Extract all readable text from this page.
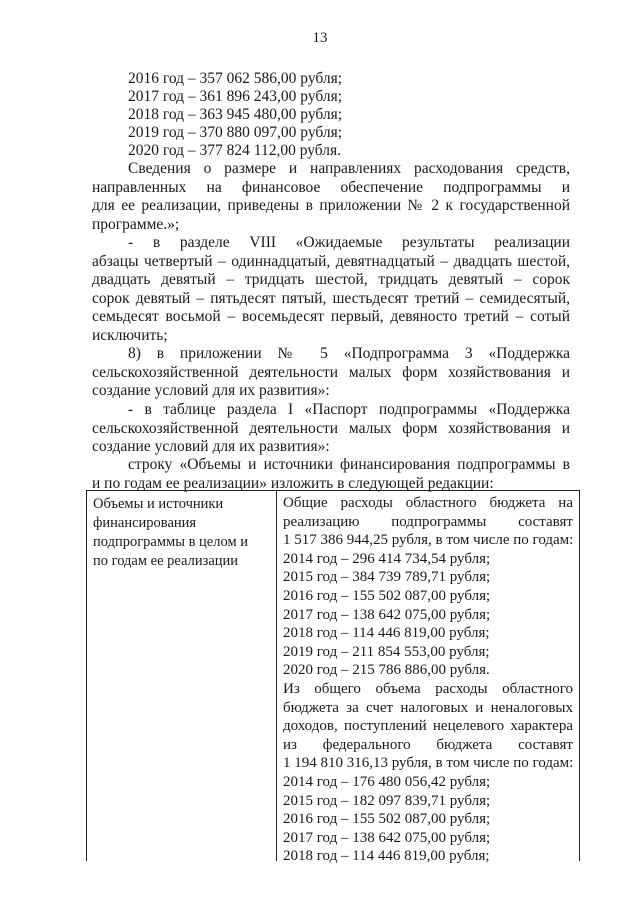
13
2016 год – 357 062 586,00 рубля;
2017 год – 361 896 243,00 рубля;
2018 год – 363 945 480,00 рубля;
2019 год – 370 880 097,00 рубля;
2020 год – 377 824 112,00 рубля.
Сведения о размере и направлениях расходования средств,
направленных на финансовое обеспечение подпрограммы и
для ее реализации, приведены в приложении № 2 к государственной
программе.»;
- в разделе VIII «Ожидаемые результаты реализации
абзацы четвертый – одиннадцатый, девятнадцатый – двадцать шестой,
двадцать девятый – тридцать шестой, тридцать девятый – сорок
сорок девятый – пятьдесят пятый, шестьдесят третий – семидесятый,
семьдесят восьмой – восемьдесят первый, девяносто третий – сотый
исключить;
8) в приложении № 5 «Подпрограмма 3 «Поддержка
сельскохозяйственной деятельности малых форм хозяйствования и
создание условий для их развития»:
- в таблице раздела I «Паспорт подпрограммы «Поддержка
сельскохозяйственной деятельности малых форм хозяйствования и
создание условий для их развития»:
строку «Объемы и источники финансирования подпрограммы в
и по годам ее реализации» изложить в следующей редакции:
Объемы и источники
финансирования
подпрограммы в целом и
по годам ее реализации
Общие расходы областного бюджета на
реализацию подпрограммы составят
1 517 386 944,25 рубля, в том числе по годам:
2014 год – 296 414 734,54 рубля;
2015 год – 384 739 789,71 рубля;
2016 год – 155 502 087,00 рубля;
2017 год – 138 642 075,00 рубля;
2018 год – 114 446 819,00 рубля;
2019 год – 211 854 553,00 рубля;
2020 год – 215 786 886,00 рубля.
Из общего объема расходы областного
бюджета за счет налоговых и неналоговых
доходов, поступлений нецелевого характера
из федерального бюджета составят
1 194 810 316,13 рубля, в том числе по годам:
2014 год – 176 480 056,42 рубля;
2015 год – 182 097 839,71 рубля;
2016 год – 155 502 087,00 рубля;
2017 год – 138 642 075,00 рубля;
2018 год – 114 446 819,00 рубля;
